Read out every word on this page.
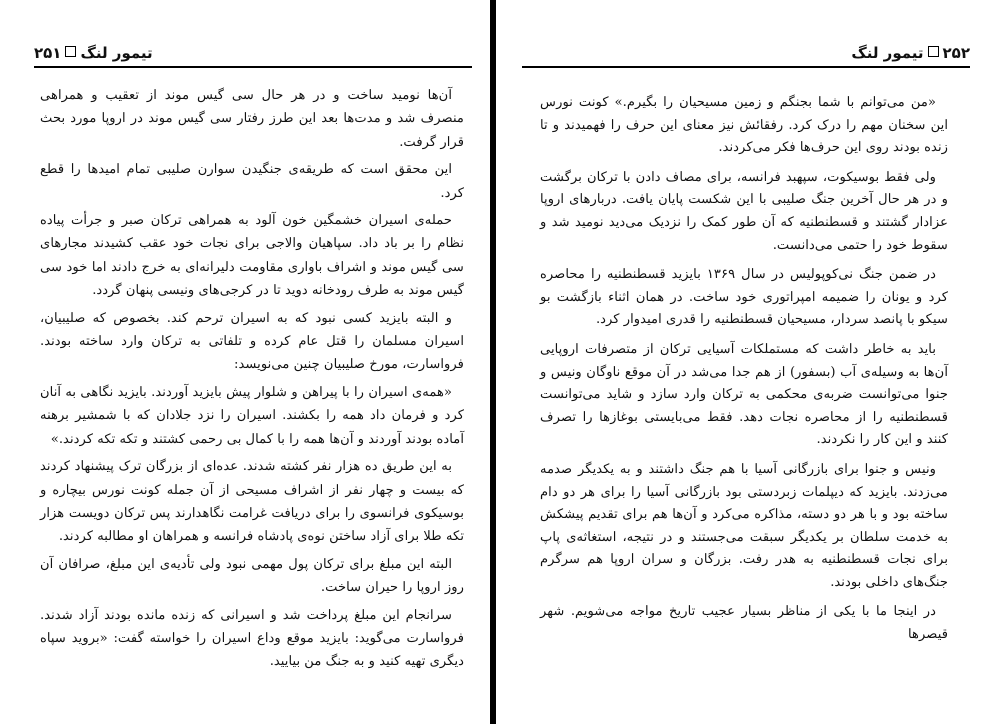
تیمور لنگ۲۵۱

آن‌ها نومید ساخت و در هر حال سی گیس موند از تعقیب و همراهی منصرف شد و مدت‌ها بعد این طرز رفتار سی گیس موند در اروپا مورد بحث قرار گرفت.

این محقق است که طریقه‌ی جنگیدن سوارن صلیبی تمام امیدها را قطع کرد.

حمله‌ی اسیران خشمگین خون آلود به همراهی ترکان صبر و جرأت پیاده نظام را بر باد داد. سپاهیان والاجی برای نجات خود عقب کشیدند مجارهای سی گیس موند و اشراف باواری مقاومت دلیرانه‌ای به خرج دادند اما خود سی گیس موند به طرف رودخانه دوید تا در کرجی‌های ونیسی پنهان گردد.

و البته بایزید کسی نبود که به اسیران ترحم کند. بخصوص که صلیبیان، اسیران مسلمان را قتل عام کرده و تلفاتی به ترکان وارد ساخته بودند. فرواسارت، مورخ صلیبیان چنین می‌نویسد:

«همه‌ی اسیران را با پیراهن و شلوار پیش بایزید آوردند. بایزید نگاهی به آنان کرد و فرمان داد همه را بکشند. اسیران را نزد جلادان که با شمشیر برهنه آماده بودند آوردند و آن‌ها همه را با کمال بی رحمی کشتند و تکه تکه کردند.»

به این طریق ده هزار نفر کشته شدند. عده‌ای از بزرگان ترک پیشنهاد کردند که بیست و چهار نفر از اشراف مسیحی از آن جمله کونت نورس بیچاره و بوسیکوی فرانسوی را برای دریافت غرامت نگاهدارند پس ترکان دویست هزار تکه طلا برای آزاد ساختن نوه‌ی پادشاه فرانسه و همراهان او مطالبه کردند.

البته این مبلغ برای ترکان پول مهمی نبود ولی تأدیه‌ی این مبلغ، صرافان آن روز اروپا را حیران ساخت.

سرانجام این مبلغ پرداخت شد و اسیرانی که زنده مانده بودند آزاد شدند. فرواسارت می‌گوید: بایزید موقع وداع اسیران را خواسته گفت: «بروید سپاه دیگری تهیه کنید و به جنگ من بیایید.

۲۵۲تیمور لنگ

«من می‌توانم با شما بجنگم و زمین مسیحیان را بگیرم.» کونت نورس این سخنان مهم را درک کرد. رفقائش نیز معنای این حرف را فهمیدند و تا زنده بودند روی این حرف‌ها فکر می‌کردند.

ولی فقط بوسیکوت، سپهبد فرانسه، برای مصاف دادن با ترکان برگشت و در هر حال آخرین جنگ صلیبی با این شکست پایان یافت. دربارهای اروپا عزادار گشتند و قسطنطنیه که آن طور کمک را نزدیک می‌دید نومید شد و سقوط خود را حتمی می‌دانست.

در ضمن جنگ نی‌کوپولیس در سال ۱۳۶۹ بایزید قسطنطنیه را محاصره کرد و یونان را ضمیمه امپراتوری خود ساخت. در همان اثناء بازگشت بو سیکو با پانصد سردار، مسیحیان قسطنطنیه را قدری امیدوار کرد.

باید به خاطر داشت که مستملکات آسیایی ترکان از متصرفات اروپایی آن‌ها به وسیله‌ی آب (بسفور) از هم جدا می‌شد در آن موقع ناوگان ونیس و جنوا می‌توانست ضربه‌ی محکمی به ترکان وارد سازد و شاید می‌توانست قسطنطنیه را از محاصره نجات دهد. فقط می‌بایستی بوغازها را تصرف کنند و این کار را نکردند.

ونیس و جنوا برای بازرگانی آسیا با هم جنگ داشتند و به یکدیگر صدمه می‌زدند. بایزید که دیپلمات زبردستی بود بازرگانی آسیا را برای هر دو دام ساخته بود و با هر دو دسته، مذاکره می‌کرد و آن‌ها هم برای تقدیم پیشکش به خدمت سلطان بر یکدیگر سبقت می‌جستند و در نتیجه، استغاثه‌ی پاپ برای نجات قسطنطنیه به هدر رفت. بزرگان و سران اروپا هم سرگرم جنگ‌های داخلی بودند.

در اینجا ما با یکی از مناظر بسیار عجیب تاریخ مواجه می‌شویم. شهر قیصرها
